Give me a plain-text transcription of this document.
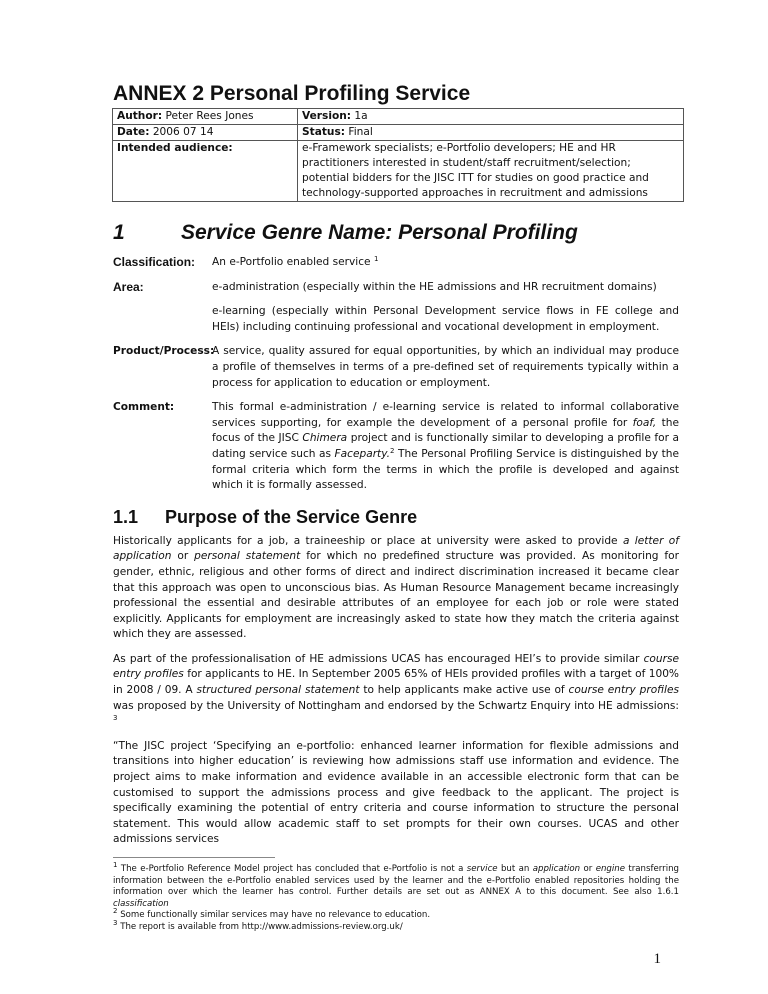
ANNEX 2 Personal Profiling Service
Author: Peter Rees Jones	Version: 1a
Date: 2006 07 14	Status: Final
Intended audience:	e-Framework specialists; e-Portfolio developers; HE and HR practitioners interested in student/staff recruitment/selection; potential bidders for the JISC ITT for studies on good practice and technology-supported approaches in recruitment and admissions
1	Service Genre Name: Personal Profiling
Classification: An e-Portfolio enabled service $^1$
Area:	e-administration (especially within the HE admissions and HR recruitment domains)
e-learning (especially within Personal Development service flows in FE college and HEIs) including continuing professional and vocational development in employment.
Product/Process:
A service, quality assured for equal opportunities, by which an individual may produce a profile of themselves in terms of a pre-defined set of requirements typically within a process for application to education or employment.
Comment:	This formal e-administration / e-learning service is related to informal collaborative services supporting, for example the development of a personal profile for foaf, the focus of the JISC Chimera project and is functionally similar to developing a profile for a dating service such as Faceparty.$^2$ The Personal Profiling Service is distinguished by the formal criteria which form the terms in which the profile is developed and against which it is formally assessed.
1.1 Purpose of the Service Genre

Historically applicants for a job, a traineeship or place at university were asked to provide a letter of application or personal statement for which no predefined structure was provided. As monitoring for gender, ethnic, religious and other forms of direct and indirect discrimination increased it became clear that this approach was open to unconscious bias. As Human Resource Management became increasingly professional the essential and desirable attributes of an employee for each job or role were stated explicitly. Applicants for employment are increasingly asked to state how they match the criteria against which they are assessed.

As part of the professionalisation of HE admissions UCAS has encouraged HEI’s to provide similar course entry profiles for applicants to HE. In September 2005 65% of HEIs provided profiles with a target of 100% in 2008 / 09. A structured personal statement to help applicants make active use of course entry profiles was proposed by the University of Nottingham and endorsed by the Schwartz Enquiry into HE admissions: $^3$

“The JISC project ‘Specifying an e-portfolio: enhanced learner information for flexible admissions and transitions into higher education’ is reviewing how admissions staff use information and evidence. The project aims to make information and evidence available in an accessible electronic form that can be customised to support the admissions process and give feedback to the applicant. The project is specifically examining the potential of entry criteria and course information to structure the personal statement. This would allow academic staff to set prompts for their own courses. UCAS and other admissions services

$^1$ The e-Portfolio Reference Model project has concluded that e-Portfolio is not a service but an application or engine transferring information between the e-Portfolio enabled services used by the learner and the e-Portfolio enabled repositories holding the information over which the learner has control. Further details are set out as ANNEX A to this document. See also 1.6.1 classification

$^2$ Some functionally similar services may have no relevance to education.

$^3$ The report is available from http://www.admissions-review.org.uk/

1
